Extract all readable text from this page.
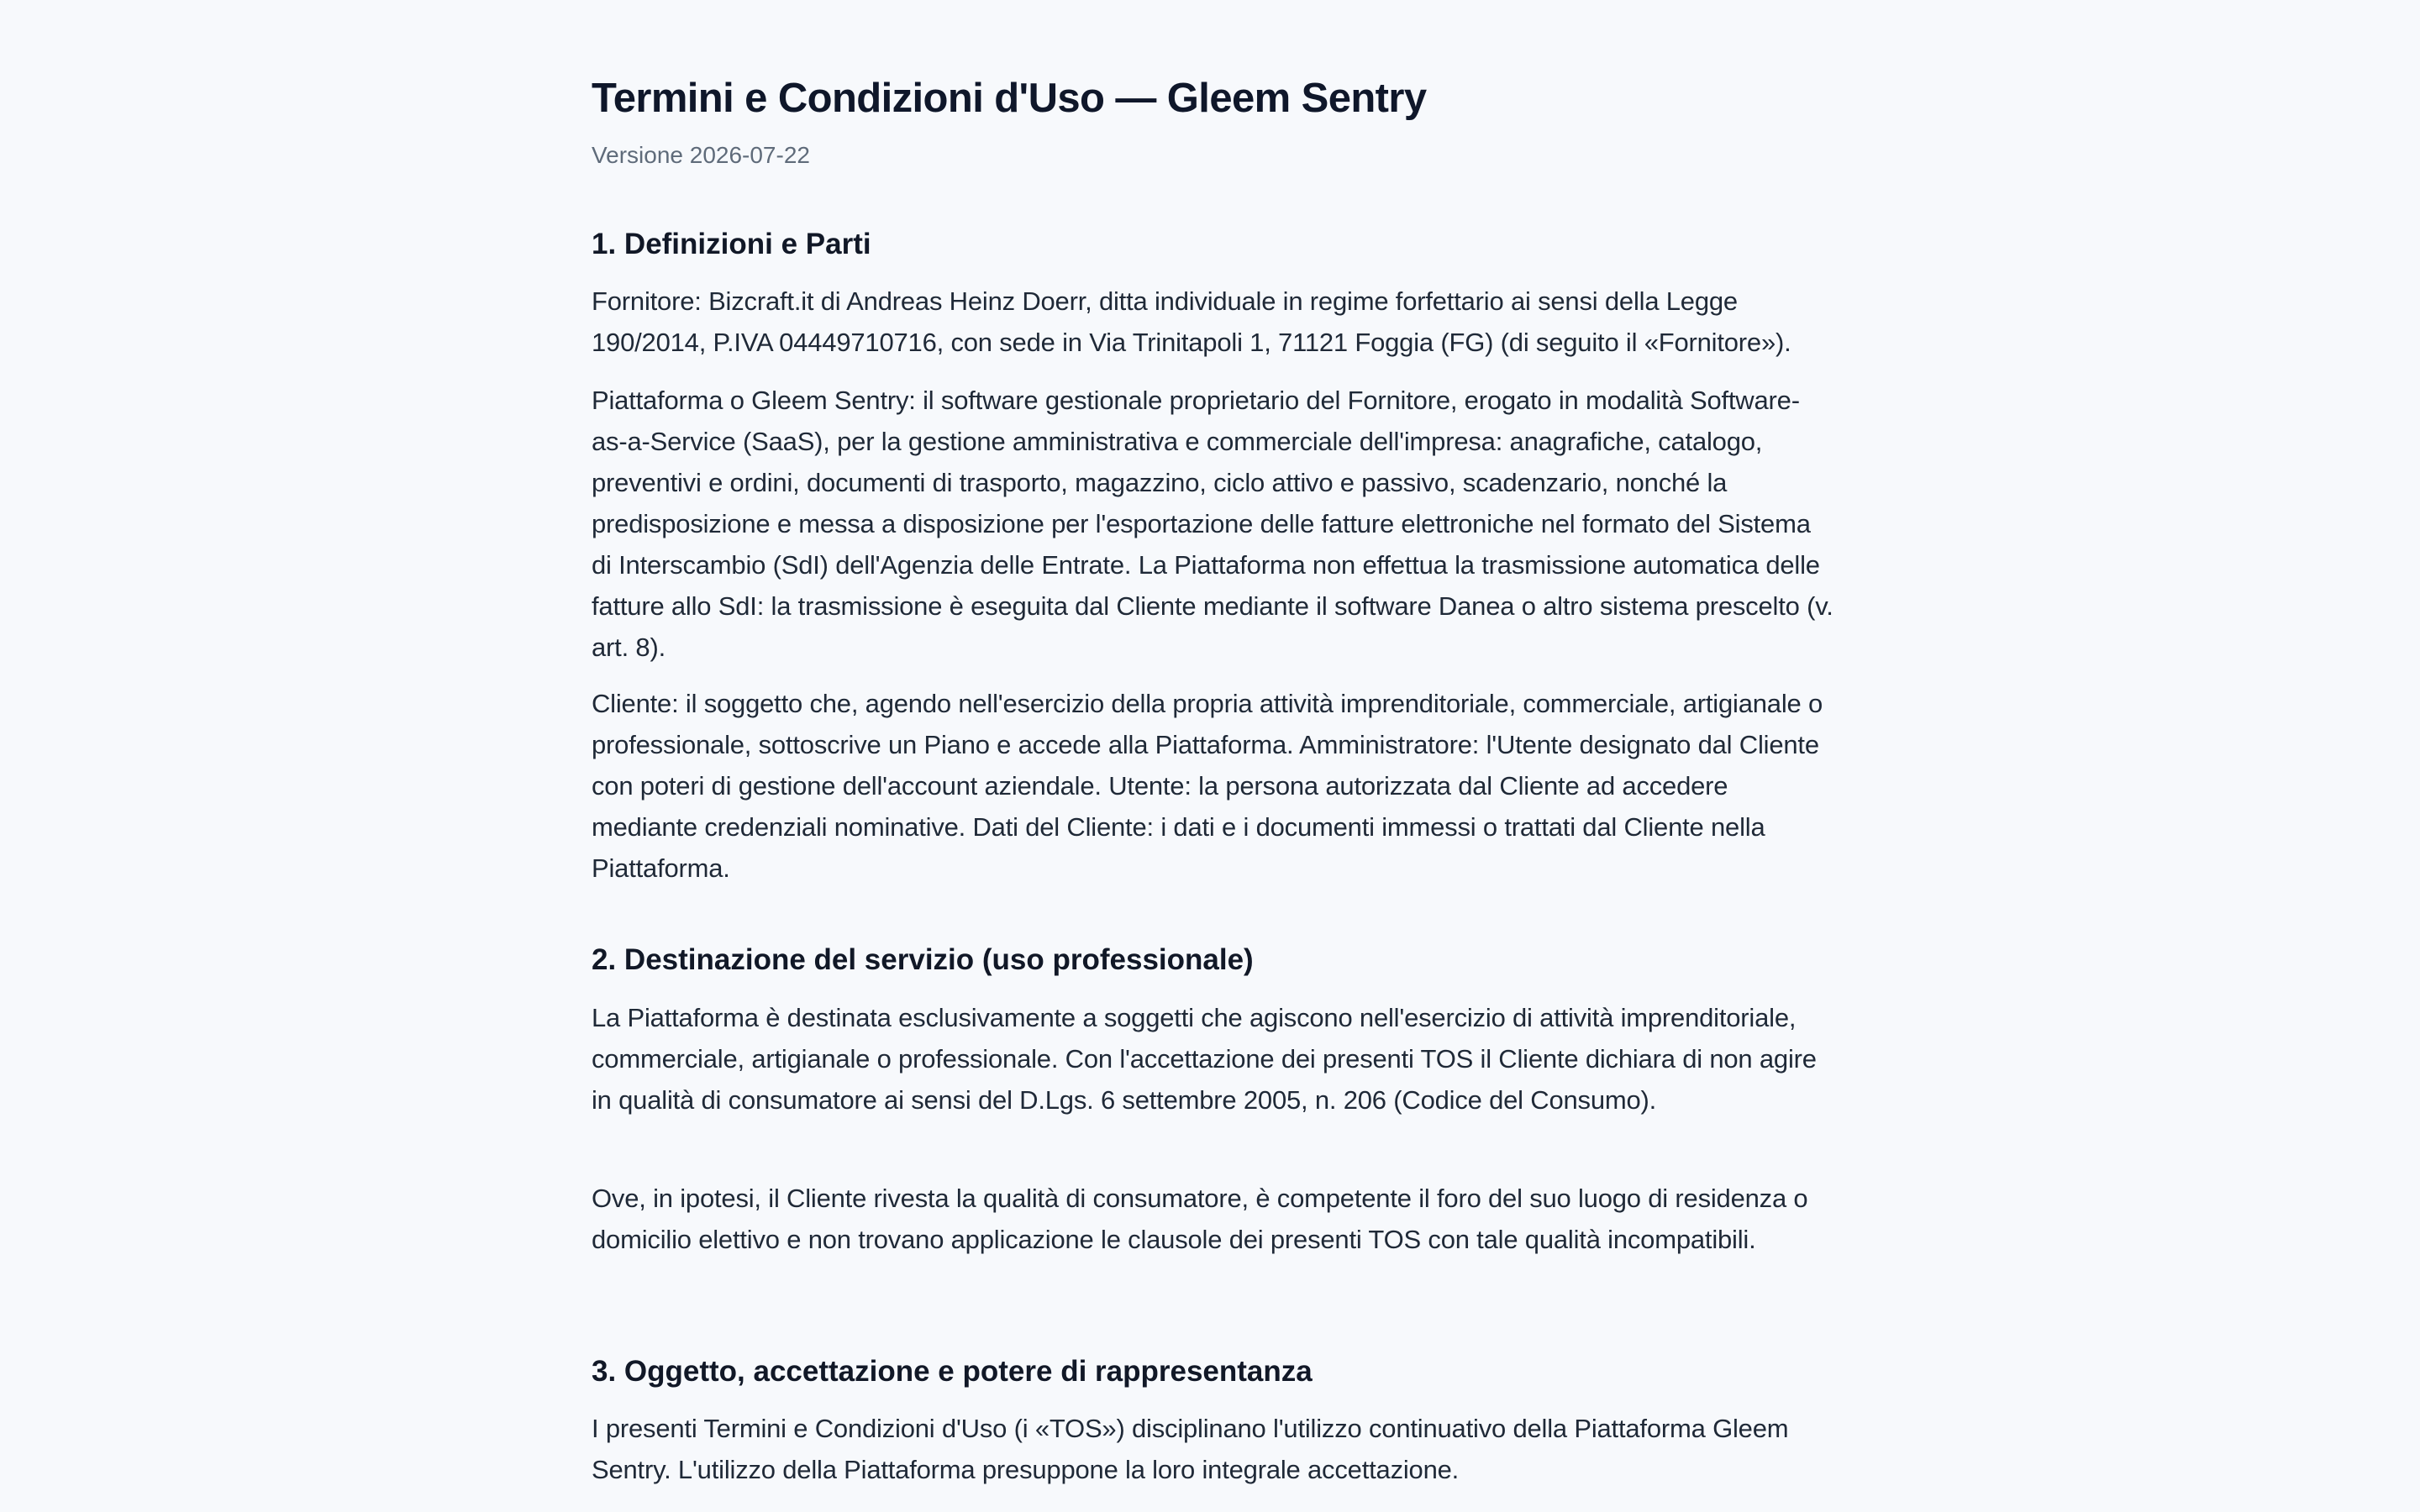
Termini e Condizioni d'Uso — Gleem Sentry
Versione 2026-07-22
1. Definizioni e Parti

Fornitore: Bizcraft.it di Andreas Heinz Doerr, ditta individuale in regime forfettario ai sensi della Legge 190/2014, P.IVA 04449710716, con sede in Via Trinitapoli 1, 71121 Foggia (FG) (di seguito il «Fornitore»).

Piattaforma o Gleem Sentry: il software gestionale proprietario del Fornitore, erogato in modalità Software-as-a-Service (SaaS), per la gestione amministrativa e commerciale dell'impresa: anagrafiche, catalogo, preventivi e ordini, documenti di trasporto, magazzino, ciclo attivo e passivo, scadenzario, nonché la predisposizione e messa a disposizione per l'esportazione delle fatture elettroniche nel formato del Sistema di Interscambio (SdI) dell'Agenzia delle Entrate. La Piattaforma non effettua la trasmissione automatica delle fatture allo SdI: la trasmissione è eseguita dal Cliente mediante il software Danea o altro sistema prescelto (v. art. 8).

Cliente: il soggetto che, agendo nell'esercizio della propria attività imprenditoriale, commerciale, artigianale o professionale, sottoscrive un Piano e accede alla Piattaforma. Amministratore: l'Utente designato dal Cliente con poteri di gestione dell'account aziendale. Utente: la persona autorizzata dal Cliente ad accedere mediante credenziali nominative. Dati del Cliente: i dati e i documenti immessi o trattati dal Cliente nella Piattaforma.

2. Destinazione del servizio (uso professionale)

La Piattaforma è destinata esclusivamente a soggetti che agiscono nell'esercizio di attività imprenditoriale, commerciale, artigianale o professionale. Con l'accettazione dei presenti TOS il Cliente dichiara di non agire in qualità di consumatore ai sensi del D.Lgs. 6 settembre 2005, n. 206 (Codice del Consumo).

Ove, in ipotesi, il Cliente rivesta la qualità di consumatore, è competente il foro del suo luogo di residenza o domicilio elettivo e non trovano applicazione le clausole dei presenti TOS con tale qualità incompatibili.

3. Oggetto, accettazione e potere di rappresentanza

I presenti Termini e Condizioni d'Uso (i «TOS») disciplinano l'utilizzo continuativo della Piattaforma Gleem Sentry. L'utilizzo della Piattaforma presuppone la loro integrale accettazione.
